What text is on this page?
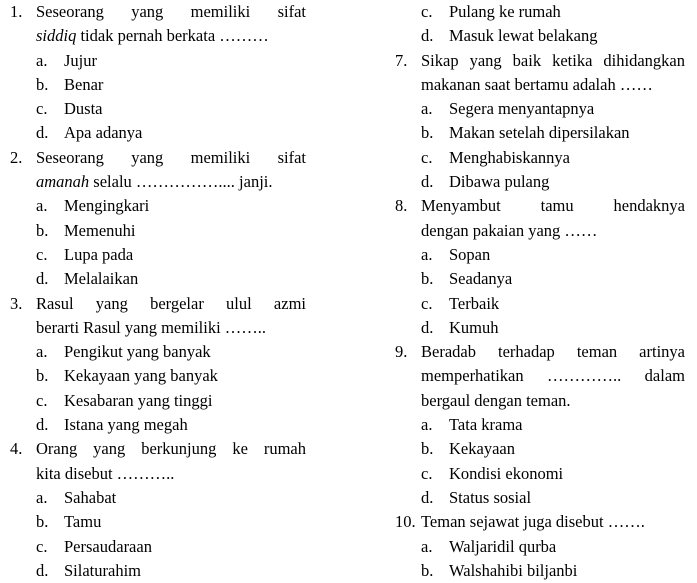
1. Seseorang yang memiliki sifat
siddiq tidak pernah berkata ………
a. Jujur
b. Benar
c. Dusta
d. Apa adanya
2. Seseorang yang memiliki sifat
amanah selalu …………….... janji.
a. Mengingkari
b. Memenuhi
c. Lupa pada
d. Melalaikan
3. Rasul yang bergelar ulul azmi
berarti Rasul yang memiliki ……..
a. Pengikut yang banyak
b. Kekayaan yang banyak
c. Kesabaran yang tinggi
d. Istana yang megah
4. Orang yang berkunjung ke rumah
kita disebut ………..
a. Sahabat
b. Tamu
c. Persaudaraan
d. Silaturahim
c. Pulang ke rumah
d. Masuk lewat belakang
7. Sikap yang baik ketika dihidangkan
makanan saat bertamu adalah ……
a. Segera menyantapnya
b. Makan setelah dipersilakan
c. Menghabiskannya
d. Dibawa pulang
8. Menyambut tamu hendaknya
dengan pakaian yang ……
a. Sopan
b. Seadanya
c. Terbaik
d. Kumuh
9. Beradab terhadap teman artinya
memperhatikan ………….. dalam
bergaul dengan teman.
a. Tata krama
b. Kekayaan
c. Kondisi ekonomi
d. Status sosial
10. Teman sejawat juga disebut …….
a. Waljaridil qurba
b. Walshahibi biljanbi
